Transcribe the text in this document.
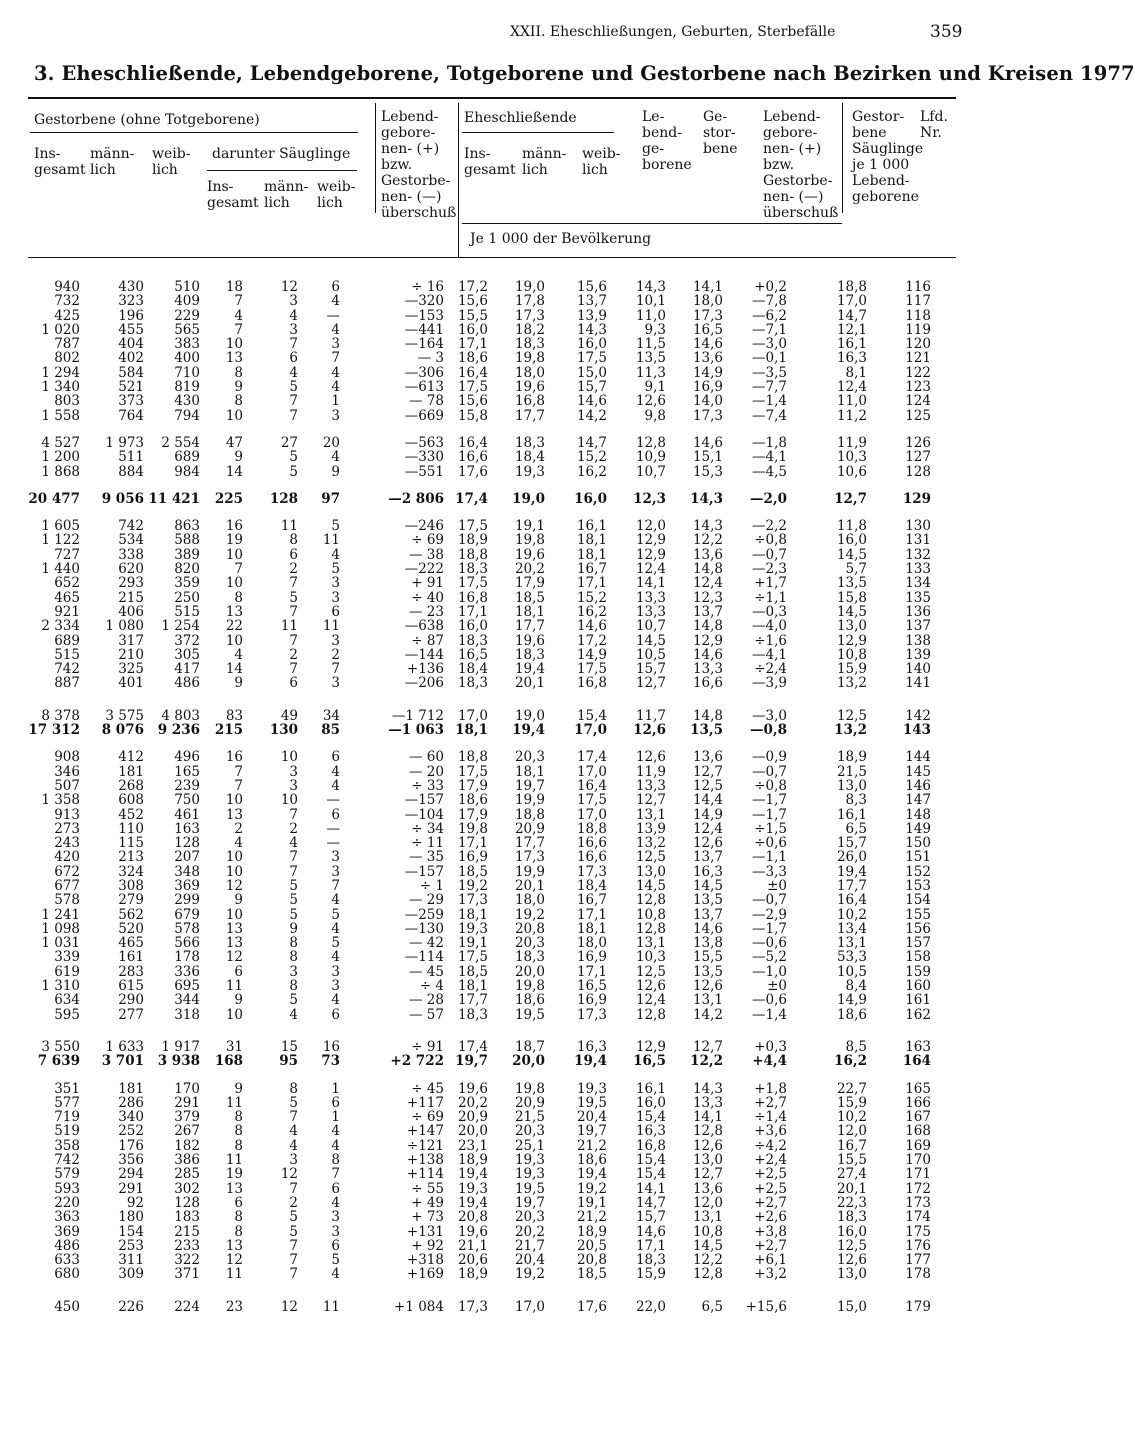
XXII. Eheschließungen, Geburten, Sterbefälle	359
3. Eheschließende, Lebendgeborene, Totgeborene und Gestorbene nach Bezirken und Kreisen 1977
Gestorbene (ohne Totgeborene)
Ins-
gesamt
männ-
lich
weib-
lich
darunter Säuglinge
Ins-
gesamt
männ-
lich
weib-
lich
Lebend-
gebore-
nen- (+)
bzw.
Gestorbe-
nen- (—)
überschuß
Eheschließende
Ins-
gesamt
männ-
lich
weib-
lich
Le-
bend-
ge-
borene
Ge-
stor-
bene
Lebend-
gebore-
nen- (+)
bzw.
Gestorbe-
nen- (—)
überschuß
Gestor-
bene
Säuglinge
je 1 000
Lebend-
geborene
Lfd.
Nr.
Je 1 000 der Bevölkerung
940	430	510	18	12	6	÷ 16	17,2	19,0	15,6	14,3	14,1	+0,2	18,8	116
732	323	409	7	3	4	—320	15,6	17,8	13,7	10,1	18,0	—7,8	17,0	117
425	196	229	4	4	—	—153	15,5	17,3	13,9	11,0	17,3	—6,2	14,7	118
1 020	455	565	7	3	4	—441	16,0	18,2	14,3	9,3	16,5	—7,1	12,1	119
787	404	383	10	7	3	—164	17,1	18,3	16,0	11,5	14,6	—3,0	16,1	120
802	402	400	13	6	7	— 3	18,6	19,8	17,5	13,5	13,6	—0,1	16,3	121
1 294	584	710	8	4	4	—306	16,4	18,0	15,0	11,3	14,9	—3,5	8,1	122
1 340	521	819	9	5	4	—613	17,5	19,6	15,7	9,1	16,9	—7,7	12,4	123
803	373	430	8	7	1	— 78	15,6	16,8	14,6	12,6	14,0	—1,4	11,0	124
1 558	764	794	10	7	3	—669	15,8	17,7	14,2	9,8	17,3	—7,4	11,2	125

4 527	1 973	2 554	47	27	20	—563	16,4	18,3	14,7	12,8	14,6	—1,8	11,9	126
1 200	511	689	9	5	4	—330	16,6	18,4	15,2	10,9	15,1	—4,1	10,3	127
1 868	884	984	14	5	9	—551	17,6	19,3	16,2	10,7	15,3	—4,5	10,6	128

20 477	9 056	11 421	225	128	97	—2 806	17,4	19,0	16,0	12,3	14,3	—2,0	12,7	129

1 605	742	863	16	11	5	—246	17,5	19,1	16,1	12,0	14,3	—2,2	11,8	130
1 122	534	588	19	8	11	÷ 69	18,9	19,8	18,1	12,9	12,2	÷0,8	16,0	131
727	338	389	10	6	4	— 38	18,8	19,6	18,1	12,9	13,6	—0,7	14,5	132
1 440	620	820	7	2	5	—222	18,3	20,2	16,7	12,4	14,8	—2,3	5,7	133
652	293	359	10	7	3	+ 91	17,5	17,9	17,1	14,1	12,4	+1,7	13,5	134
465	215	250	8	5	3	÷ 40	16,8	18,5	15,2	13,3	12,3	÷1,1	15,8	135
921	406	515	13	7	6	— 23	17,1	18,1	16,2	13,3	13,7	—0,3	14,5	136
2 334	1 080	1 254	22	11	11	—638	16,0	17,7	14,6	10,7	14,8	—4,0	13,0	137
689	317	372	10	7	3	÷ 87	18,3	19,6	17,2	14,5	12,9	÷1,6	12,9	138
515	210	305	4	2	2	—144	16,5	18,3	14,9	10,5	14,6	—4,1	10,8	139
742	325	417	14	7	7	+136	18,4	19,4	17,5	15,7	13,3	÷2,4	15,9	140
887	401	486	9	6	3	—206	18,3	20,1	16,8	12,7	16,6	—3,9	13,2	141

8 378	3 575	4 803	83	49	34	—1 712	17,0	19,0	15,4	11,7	14,8	—3,0	12,5	142
17 312	8 076	9 236	215	130	85	—1 063	18,1	19,4	17,0	12,6	13,5	—0,8	13,2	143

908	412	496	16	10	6	— 60	18,8	20,3	17,4	12,6	13,6	—0,9	18,9	144
346	181	165	7	3	4	— 20	17,5	18,1	17,0	11,9	12,7	—0,7	21,5	145
507	268	239	7	3	4	÷ 33	17,9	19,7	16,4	13,3	12,5	÷0,8	13,0	146
1 358	608	750	10	10	—	—157	18,6	19,9	17,5	12,7	14,4	—1,7	8,3	147
913	452	461	13	7	6	—104	17,9	18,8	17,0	13,1	14,9	—1,7	16,1	148
273	110	163	2	2	—	÷ 34	19,8	20,9	18,8	13,9	12,4	÷1,5	6,5	149
243	115	128	4	4	—	÷ 11	17,1	17,7	16,6	13,2	12,6	÷0,6	15,7	150
420	213	207	10	7	3	— 35	16,9	17,3	16,6	12,5	13,7	—1,1	26,0	151
672	324	348	10	7	3	—157	18,5	19,9	17,3	13,0	16,3	—3,3	19,4	152
677	308	369	12	5	7	÷ 1	19,2	20,1	18,4	14,5	14,5	±0	17,7	153
578	279	299	9	5	4	— 29	17,3	18,0	16,7	12,8	13,5	—0,7	16,4	154
1 241	562	679	10	5	5	—259	18,1	19,2	17,1	10,8	13,7	—2,9	10,2	155
1 098	520	578	13	9	4	—130	19,3	20,8	18,1	12,8	14,6	—1,7	13,4	156
1 031	465	566	13	8	5	— 42	19,1	20,3	18,0	13,1	13,8	—0,6	13,1	157
339	161	178	12	8	4	—114	17,5	18,3	16,9	10,3	15,5	—5,2	53,3	158
619	283	336	6	3	3	— 45	18,5	20,0	17,1	12,5	13,5	—1,0	10,5	159
1 310	615	695	11	8	3	÷ 4	18,1	19,8	16,5	12,6	12,6	±0	8,4	160
634	290	344	9	5	4	— 28	17,7	18,6	16,9	12,4	13,1	—0,6	14,9	161
595	277	318	10	4	6	— 57	18,3	19,5	17,3	12,8	14,2	—1,4	18,6	162

3 550	1 633	1 917	31	15	16	÷ 91	17,4	18,7	16,3	12,9	12,7	+0,3	8,5	163
7 639	3 701	3 938	168	95	73	+2 722	19,7	20,0	19,4	16,5	12,2	+4,4	16,2	164

351	181	170	9	8	1	÷ 45	19,6	19,8	19,3	16,1	14,3	+1,8	22,7	165
577	286	291	11	5	6	+117	20,2	20,9	19,5	16,0	13,3	+2,7	15,9	166
719	340	379	8	7	1	÷ 69	20,9	21,5	20,4	15,4	14,1	÷1,4	10,2	167
519	252	267	8	4	4	+147	20,0	20,3	19,7	16,3	12,8	+3,6	12,0	168
358	176	182	8	4	4	÷121	23,1	25,1	21,2	16,8	12,6	÷4,2	16,7	169
742	356	386	11	3	8	+138	18,9	19,3	18,6	15,4	13,0	+2,4	15,5	170
579	294	285	19	12	7	+114	19,4	19,3	19,4	15,4	12,7	+2,5	27,4	171
593	291	302	13	7	6	÷ 55	19,3	19,5	19,2	14,1	13,6	+2,5	20,1	172
220	92	128	6	2	4	+ 49	19,4	19,7	19,1	14,7	12,0	+2,7	22,3	173
363	180	183	8	5	3	+ 73	20,8	20,3	21,2	15,7	13,1	+2,6	18,3	174
369	154	215	8	5	3	+131	19,6	20,2	18,9	14,6	10,8	+3,8	16,0	175
486	253	233	13	7	6	+ 92	21,1	21,7	20,5	17,1	14,5	+2,7	12,5	176
633	311	322	12	7	5	+318	20,6	20,4	20,8	18,3	12,2	+6,1	12,6	177
680	309	371	11	7	4	+169	18,9	19,2	18,5	15,9	12,8	+3,2	13,0	178

450	226	224	23	12	11	+1 084	17,3	17,0	17,6	22,0	6,5	+15,6	15,0	179
